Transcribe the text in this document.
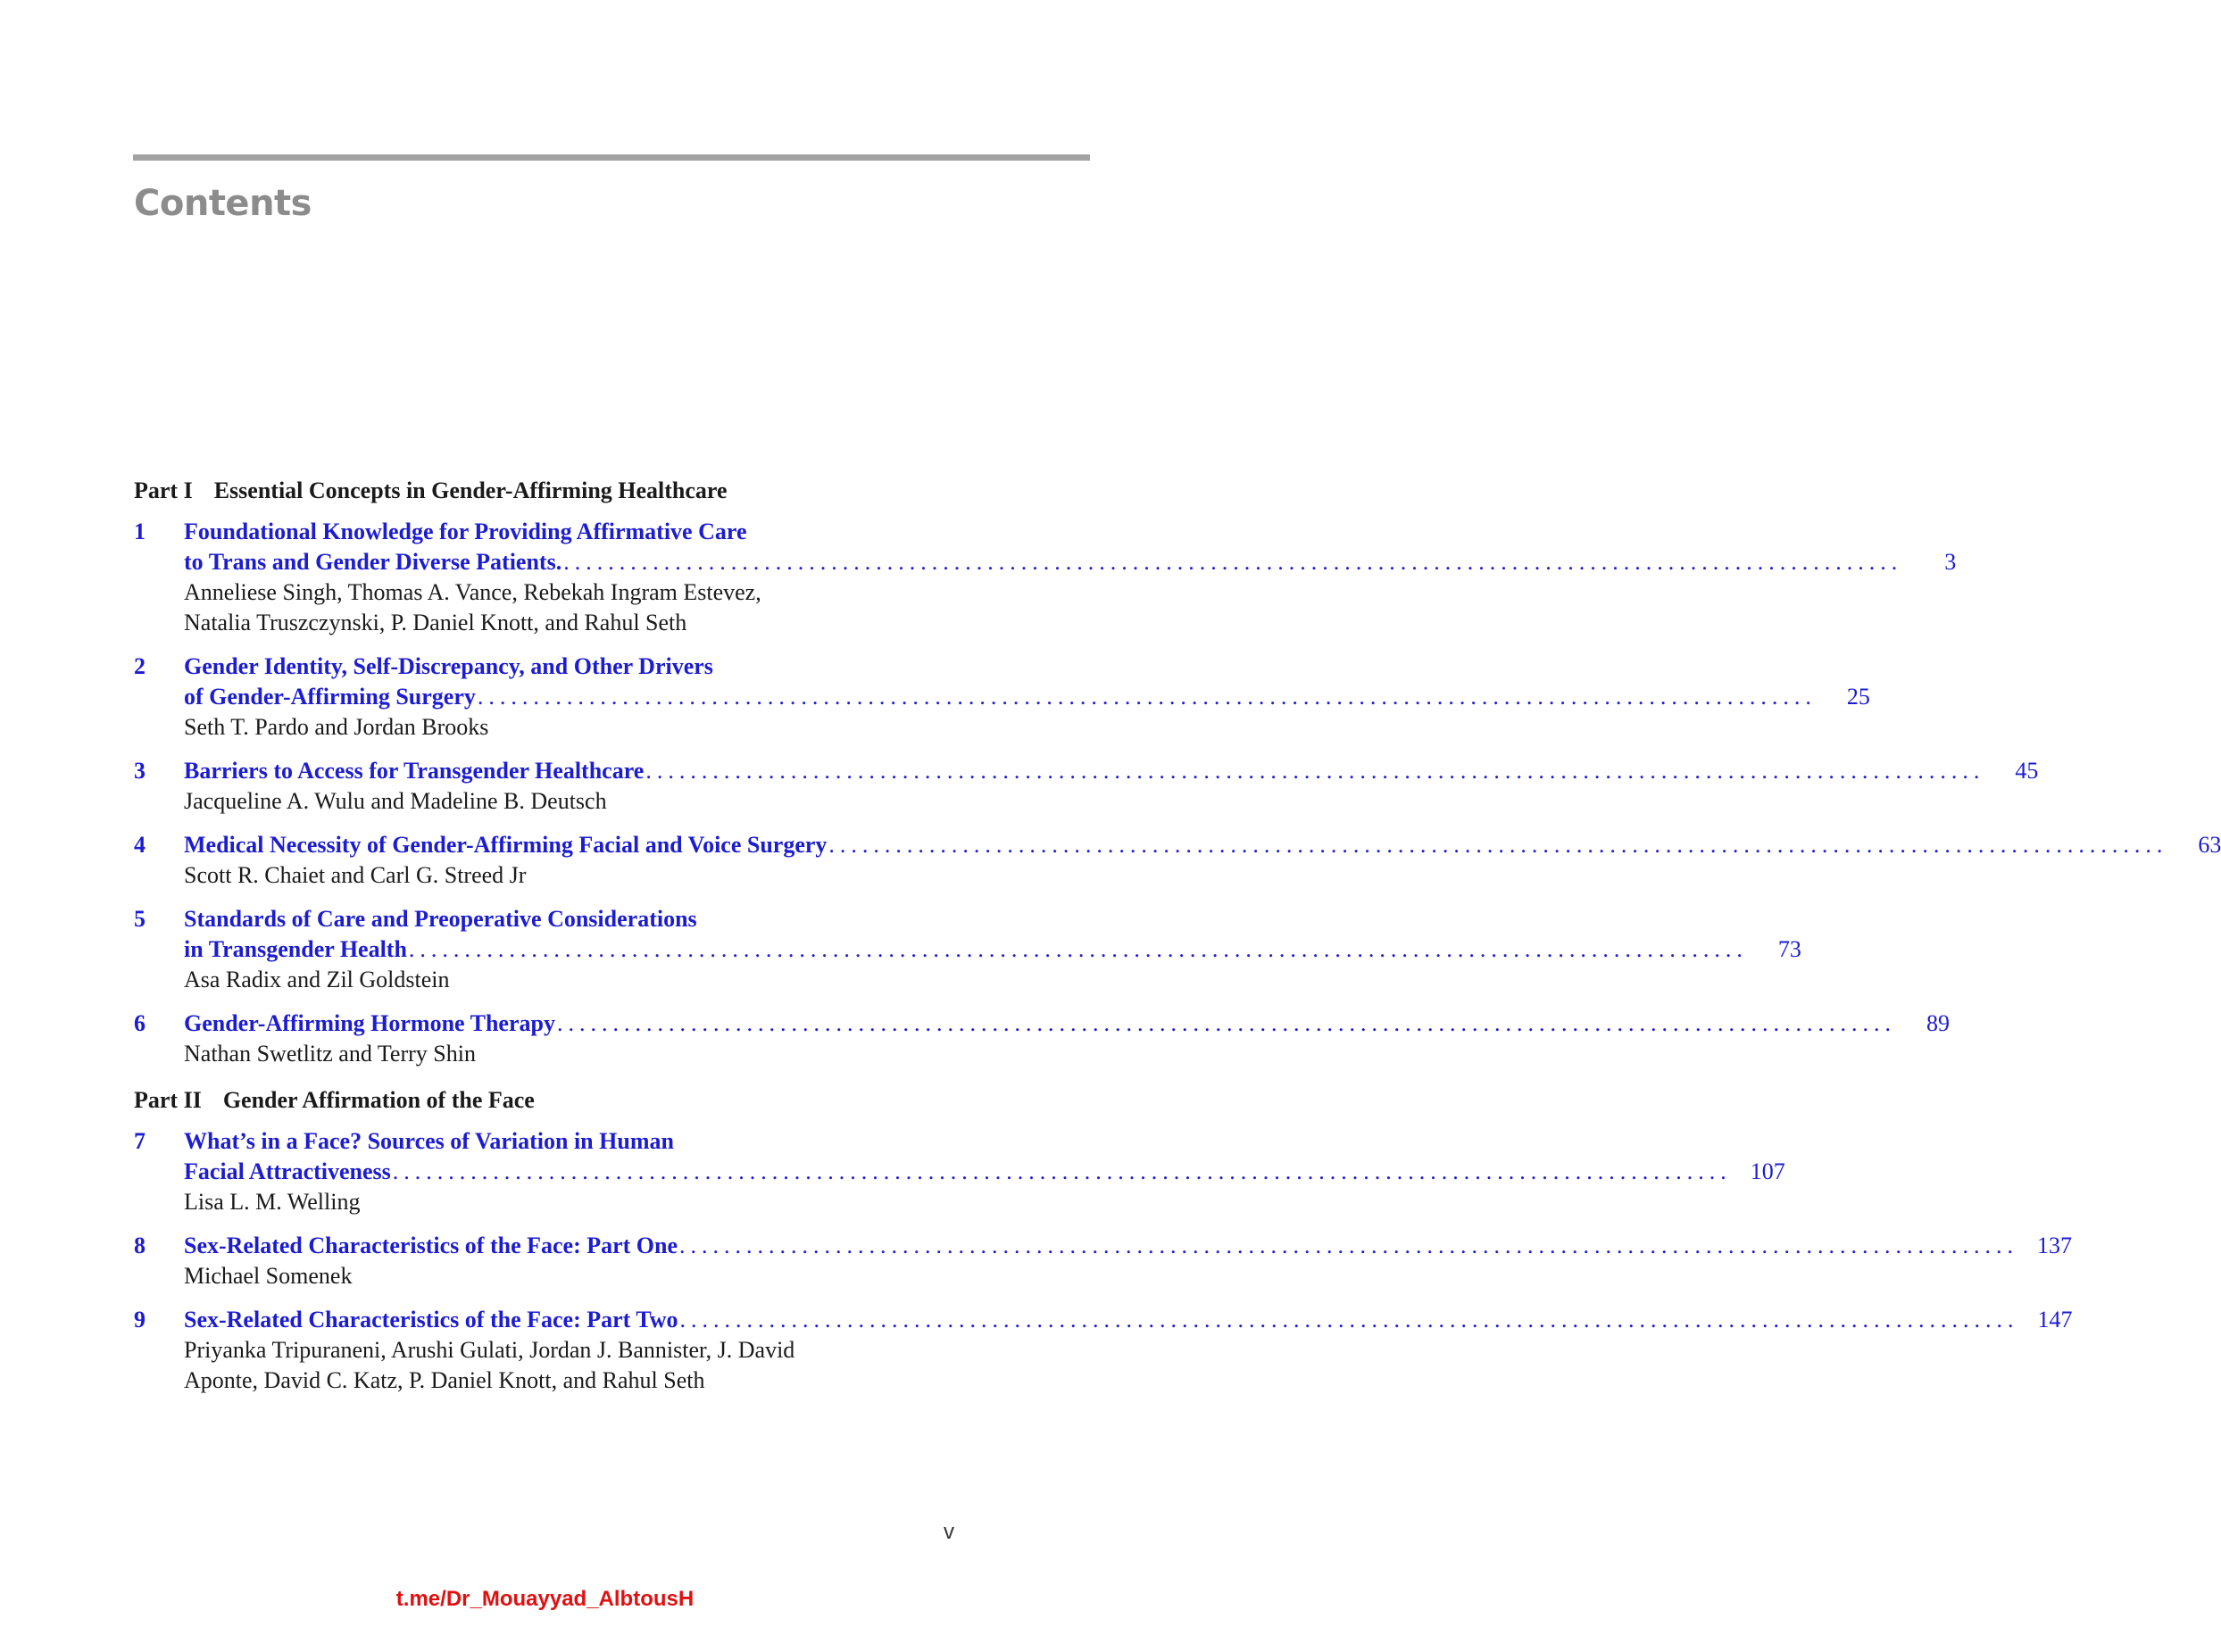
Contents
Part I Essential Concepts in Gender-Affirming Healthcare
1	Foundational Knowledge for Providing Affirmative Care
to Trans and Gender Diverse Patients. ........................................................................................................................	3
Anneliese Singh, Thomas A. Vance, Rebekah Ingram Estevez,
Natalia Truszczynski, P. Daniel Knott, and Rahul Seth
2	Gender Identity, Self-Discrepancy, and Other Drivers
of Gender-Affirming Surgery ........................................................................................................................	25
Seth T. Pardo and Jordan Brooks
3	Barriers to Access for Transgender Healthcare ........................................................................................................................	45
Jacqueline A. Wulu and Madeline B. Deutsch
4	Medical Necessity of Gender-Affirming Facial and Voice Surgery ........................................................................................................................	63
Scott R. Chaiet and Carl G. Streed Jr
5	Standards of Care and Preoperative Considerations
in Transgender Health ........................................................................................................................	73
Asa Radix and Zil Goldstein
6	Gender-Affirming Hormone Therapy ........................................................................................................................	89
Nathan Swetlitz and Terry Shin
Part II Gender Affirmation of the Face
7	What’s in a Face? Sources of Variation in Human
Facial Attractiveness ........................................................................................................................ 107
Lisa L. M. Welling
8	Sex-Related Characteristics of the Face: Part One ........................................................................................................................ 137
Michael Somenek
9	Sex-Related Characteristics of the Face: Part Two ........................................................................................................................ 147
Priyanka Tripuraneni, Arushi Gulati, Jordan J. Bannister, J. David
Aponte, David C. Katz, P. Daniel Knott, and Rahul Seth
v
t.me/Dr_Mouayyad_AlbtousH
